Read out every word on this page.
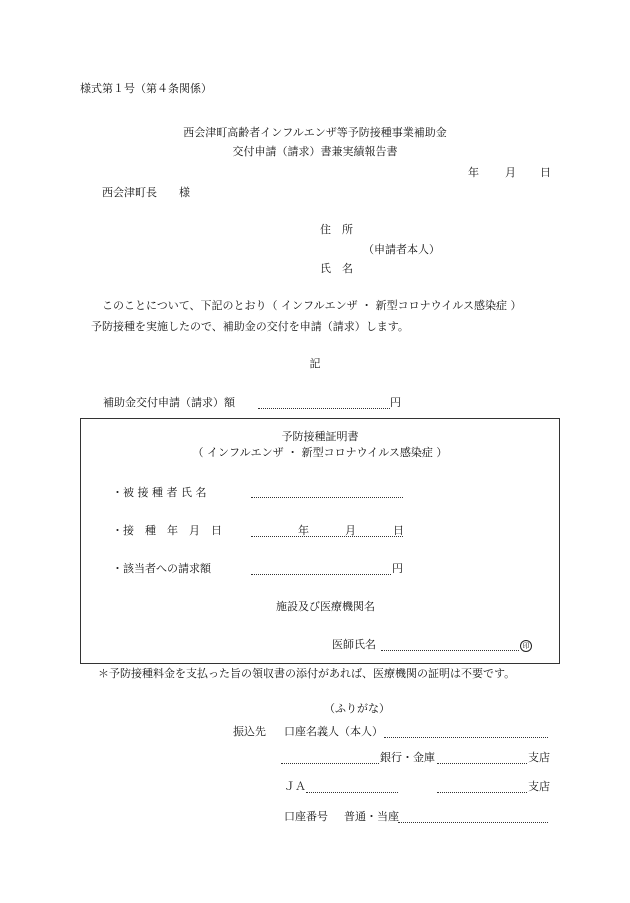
様式第１号（第４条関係）
西会津町高齢者インフルエンザ等予防接種事業補助金
交付申請（請求）書兼実績報告書
年 月 日
西会津町長　　様
住　所
（申請者本人）
氏　名
このことについて、下記のとおり（ インフルエンザ ・ 新型コロナウイルス感染症 ）
予防接種を実施したので、補助金の交付を申請（請求）します。
記
補助金交付申請（請求）額	円
予防接種証明書
（ インフルエンザ ・ 新型コロナウイルス感染症 ）
・被 接 種 者 氏 名
・接　種　年　月　日	年	月	日
・該当者への請求額	円
施設及び医療機関名
医師氏名	印
＊予防接種料金を支払った旨の領収書の添付があれば、医療機関の証明は不要です。
（ふりがな）
振込先 口座名義人（本人）
銀行・金庫	支店
ＪＡ	支店
口座番号 普通・当座
